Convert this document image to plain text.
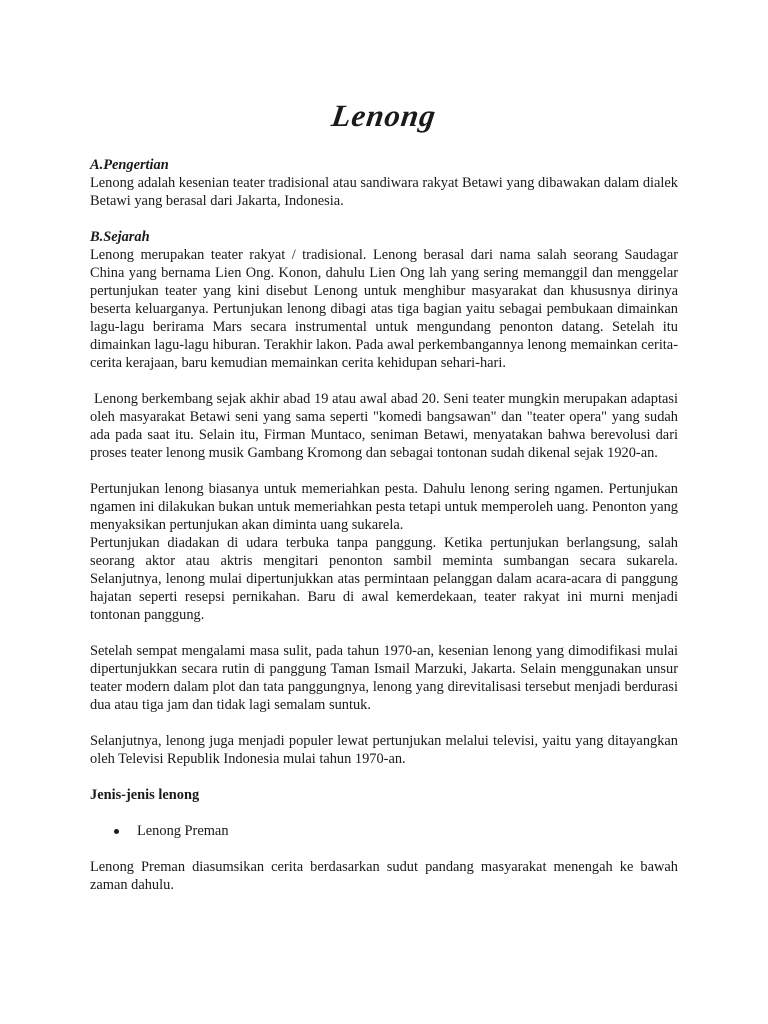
Lenong
A.Pengertian

Lenong adalah kesenian teater tradisional atau sandiwara rakyat Betawi yang dibawakan dalam dialek Betawi yang berasal dari Jakarta, Indonesia.

B.Sejarah

Lenong merupakan teater rakyat / tradisional. Lenong berasal dari nama salah seorang Saudagar China yang bernama Lien Ong. Konon, dahulu Lien Ong lah yang sering memanggil dan menggelar pertunjukan teater yang kini disebut Lenong untuk menghibur masyarakat dan khususnya dirinya beserta keluarganya. Pertunjukan lenong dibagi atas tiga bagian yaitu sebagai pembukaan dimainkan lagu-lagu berirama Mars secara instrumental untuk mengundang penonton datang. Setelah itu dimainkan lagu-lagu hiburan. Terakhir lakon. Pada awal perkembangannya lenong memainkan cerita-cerita kerajaan, baru kemudian memainkan cerita kehidupan sehari-hari.

Lenong berkembang sejak akhir abad 19 atau awal abad 20. Seni teater mungkin merupakan adaptasi oleh masyarakat Betawi seni yang sama seperti "komedi bangsawan" dan "teater opera" yang sudah ada pada saat itu. Selain itu, Firman Muntaco, seniman Betawi, menyatakan bahwa berevolusi dari proses teater lenong musik Gambang Kromong dan sebagai tontonan sudah dikenal sejak 1920-an.

Pertunjukan lenong biasanya untuk memeriahkan pesta. Dahulu lenong sering ngamen. Pertunjukan ngamen ini dilakukan bukan untuk memeriahkan pesta tetapi untuk memperoleh uang. Penonton yang menyaksikan pertunjukan akan diminta uang sukarela.

Pertunjukan diadakan di udara terbuka tanpa panggung. Ketika pertunjukan berlangsung, salah seorang aktor atau aktris mengitari penonton sambil meminta sumbangan secara sukarela. Selanjutnya, lenong mulai dipertunjukkan atas permintaan pelanggan dalam acara-acara di panggung hajatan seperti resepsi pernikahan. Baru di awal kemerdekaan, teater rakyat ini murni menjadi tontonan panggung.

Setelah sempat mengalami masa sulit, pada tahun 1970-an, kesenian lenong yang dimodifikasi mulai dipertunjukkan secara rutin di panggung Taman Ismail Marzuki, Jakarta. Selain menggunakan unsur teater modern dalam plot dan tata panggungnya, lenong yang direvitalisasi tersebut menjadi berdurasi dua atau tiga jam dan tidak lagi semalam suntuk.

Selanjutnya, lenong juga menjadi populer lewat pertunjukan melalui televisi, yaitu yang ditayangkan oleh Televisi Republik Indonesia mulai tahun 1970-an.

Jenis-jenis lenong
Lenong Preman

Lenong Preman diasumsikan cerita berdasarkan sudut pandang masyarakat menengah ke bawah zaman dahulu.
